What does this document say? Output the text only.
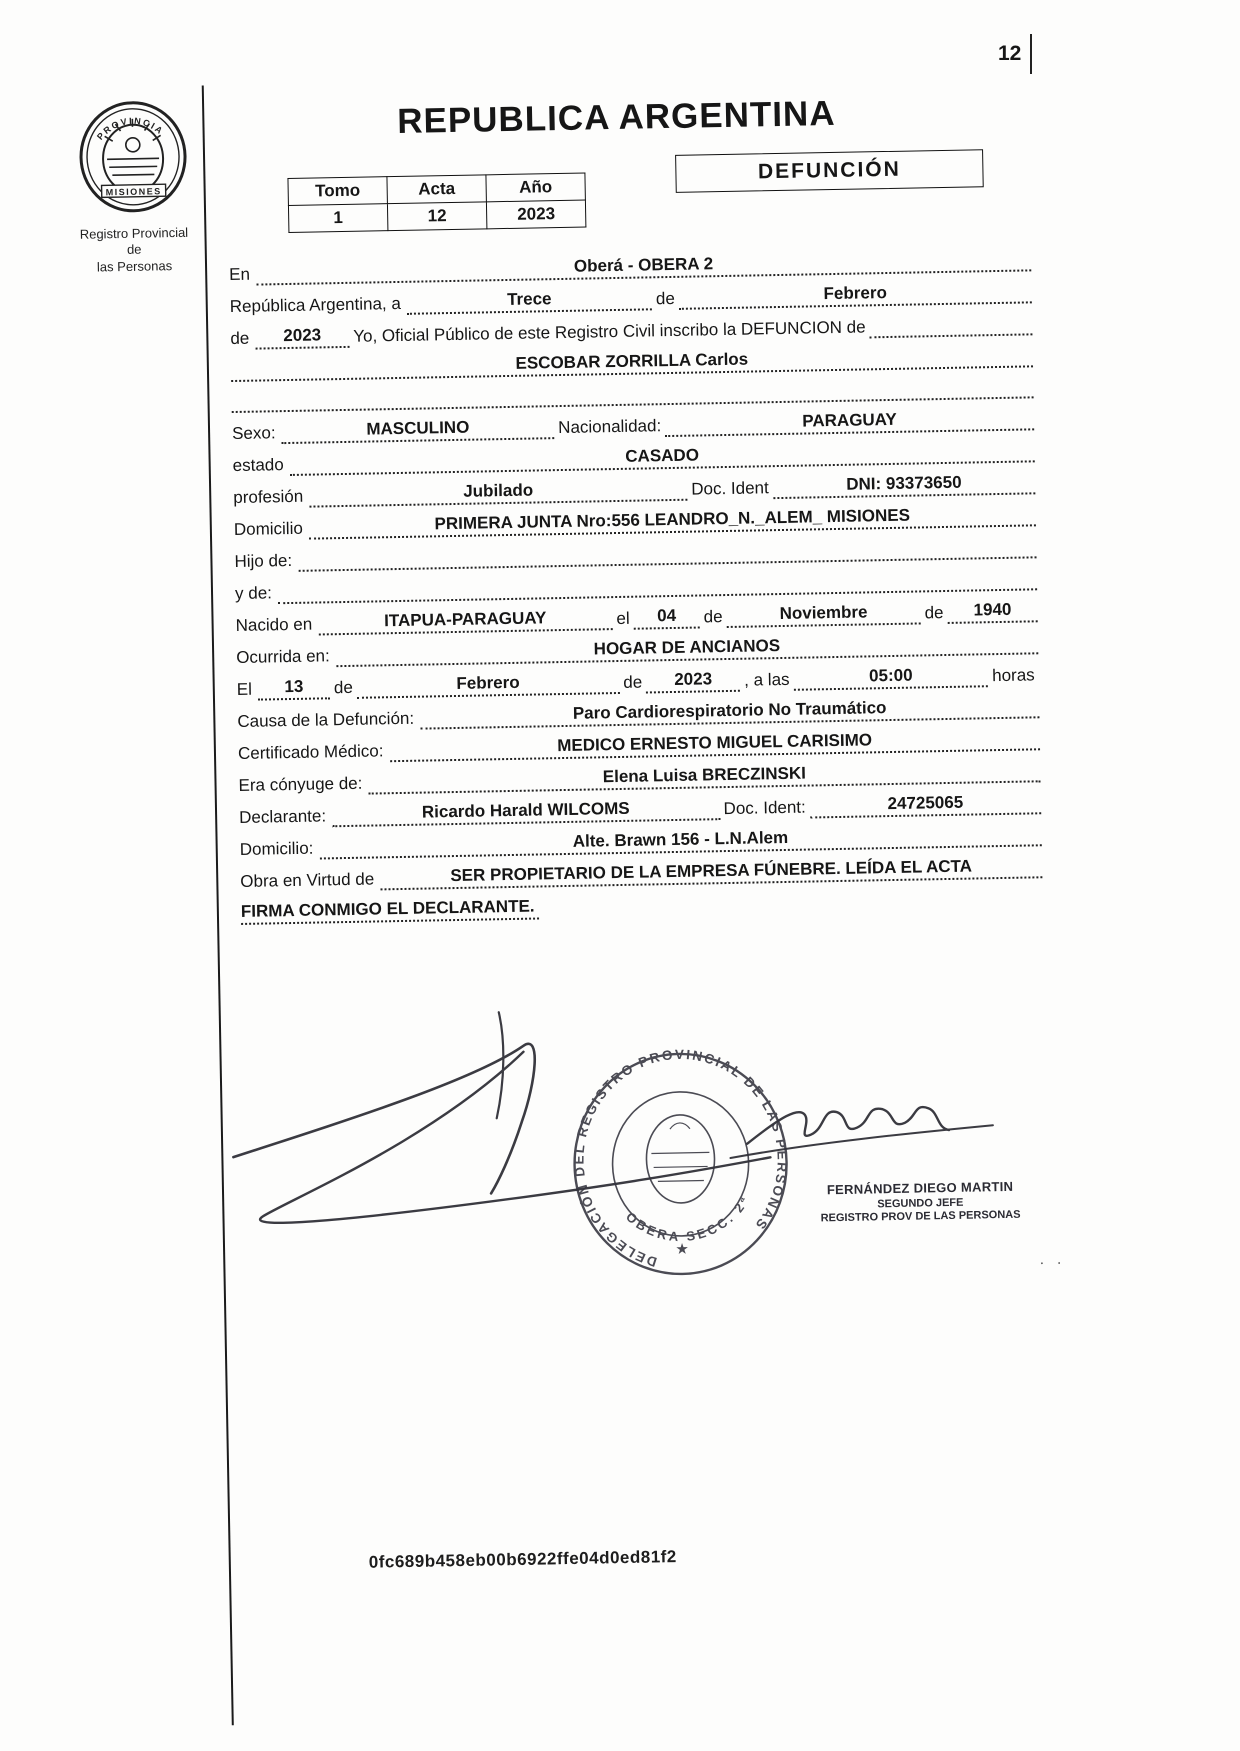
12
PROVINCIA
MISIONES
Registro Provincial de
las Personas
REPUBLICA ARGENTINA
Tomo	Acta	Año
1	12	2023
DEFUNCIÓN
En	Oberá - OBERA 2
República Argentina, a	Trece	de	Febrero
de	2023	Yo, Oficial Público de este Registro Civil inscribo la DEFUNCION de
ESCOBAR ZORRILLA Carlos
Sexo:	MASCULINO	Nacionalidad:	PARAGUAY
estado	CASADO
profesión	Jubilado	Doc. Ident	DNI: 93373650
Domicilio	PRIMERA JUNTA Nro:556 LEANDRO_N._ALEM_ MISIONES
Hijo de:
y de:
Nacido en	ITAPUA-PARAGUAY	el	04	de	Noviembre	de	1940
Ocurrida en:	HOGAR DE ANCIANOS
El	13	de	Febrero	de	2023	, a las	05:00	horas
Causa de la Defunción:	Paro Cardiorespiratorio No Traumático
Certificado Médico:	MEDICO ERNESTO MIGUEL CARISIMO
Era cónyuge de:	Elena Luisa BRECZINSKI
Declarante:	Ricardo Harald WILCOMS	Doc. Ident:	24725065
Domicilio:	Alte. Brawn 156 - L.N.Alem
Obra en Virtud de	SER PROPIETARIO DE LA EMPRESA FÚNEBRE. LEÍDA EL ACTA
FIRMA CONMIGO EL DECLARANTE.
DELEGACIÓN DEL REGISTRO PROVINCIAL DE LAS PERSONAS
OBERA SECC. 2ª
★
FERNÁNDEZ DIEGO MARTIN
SEGUNDO JEFE
REGISTRO PROV DE LAS PERSONAS
· ·
0fc689b458eb00b6922ffe04d0ed81f2
